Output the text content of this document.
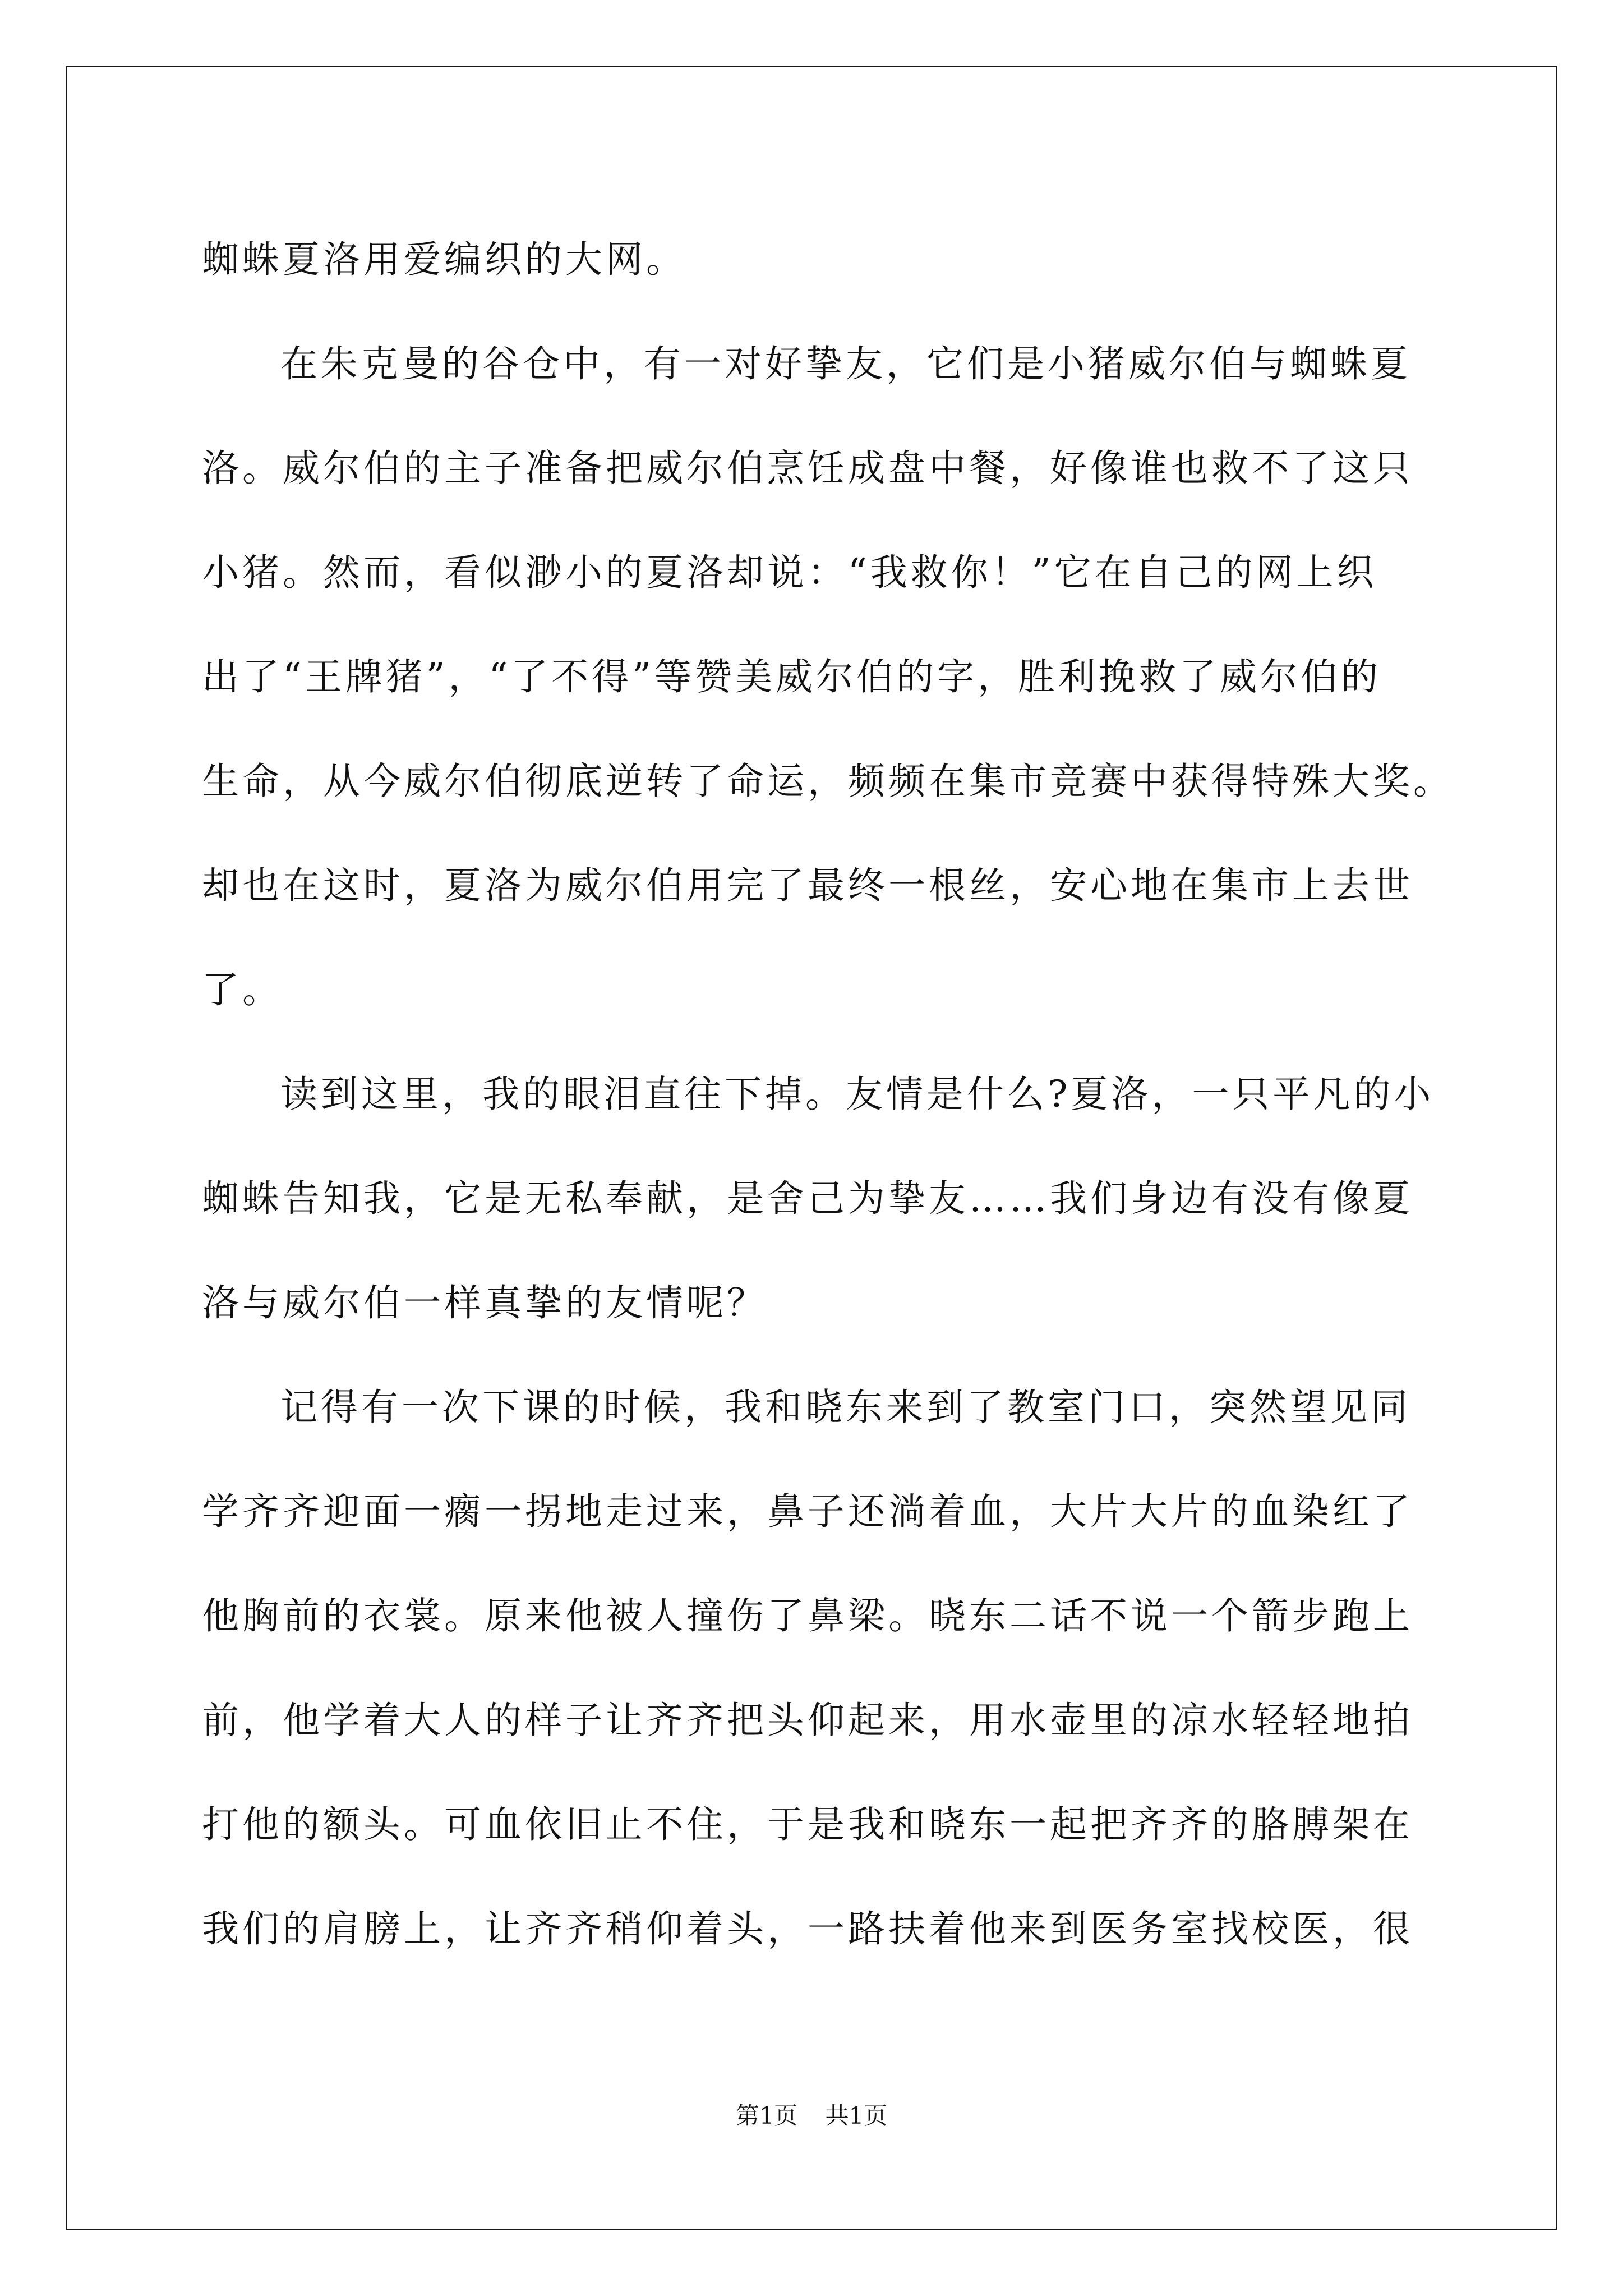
蜘蛛夏洛用爱编织的大网。
在朱克曼的谷仓中，有一对好挚友，它们是小猪威尔伯与蜘蛛夏
洛。威尔伯的主子准备把威尔伯烹饪成盘中餐，好像谁也救不了这只
小猪。然而，看似渺小的夏洛却说：“我救你！”它在自己的网上织
出了“王牌猪”，“了不得”等赞美威尔伯的字，胜利挽救了威尔伯的
生命，从今威尔伯彻底逆转了命运，频频在集市竞赛中获得特殊大奖。
却也在这时，夏洛为威尔伯用完了最终一根丝，安心地在集市上去世
了。
读到这里，我的眼泪直往下掉。友情是什么?夏洛，一只平凡的小
蜘蛛告知我，它是无私奉献，是舍己为挚友……我们身边有没有像夏
洛与威尔伯一样真挚的友情呢？
记得有一次下课的时候，我和晓东来到了教室门口，突然望见同
学齐齐迎面一瘸一拐地走过来，鼻子还淌着血，大片大片的血染红了
他胸前的衣裳。原来他被人撞伤了鼻梁。晓东二话不说一个箭步跑上
前，他学着大人的样子让齐齐把头仰起来，用水壶里的凉水轻轻地拍
打他的额头。可血依旧止不住，于是我和晓东一起把齐齐的胳膊架在
我们的肩膀上，让齐齐稍仰着头，一路扶着他来到医务室找校医，很
第1页 共1页
